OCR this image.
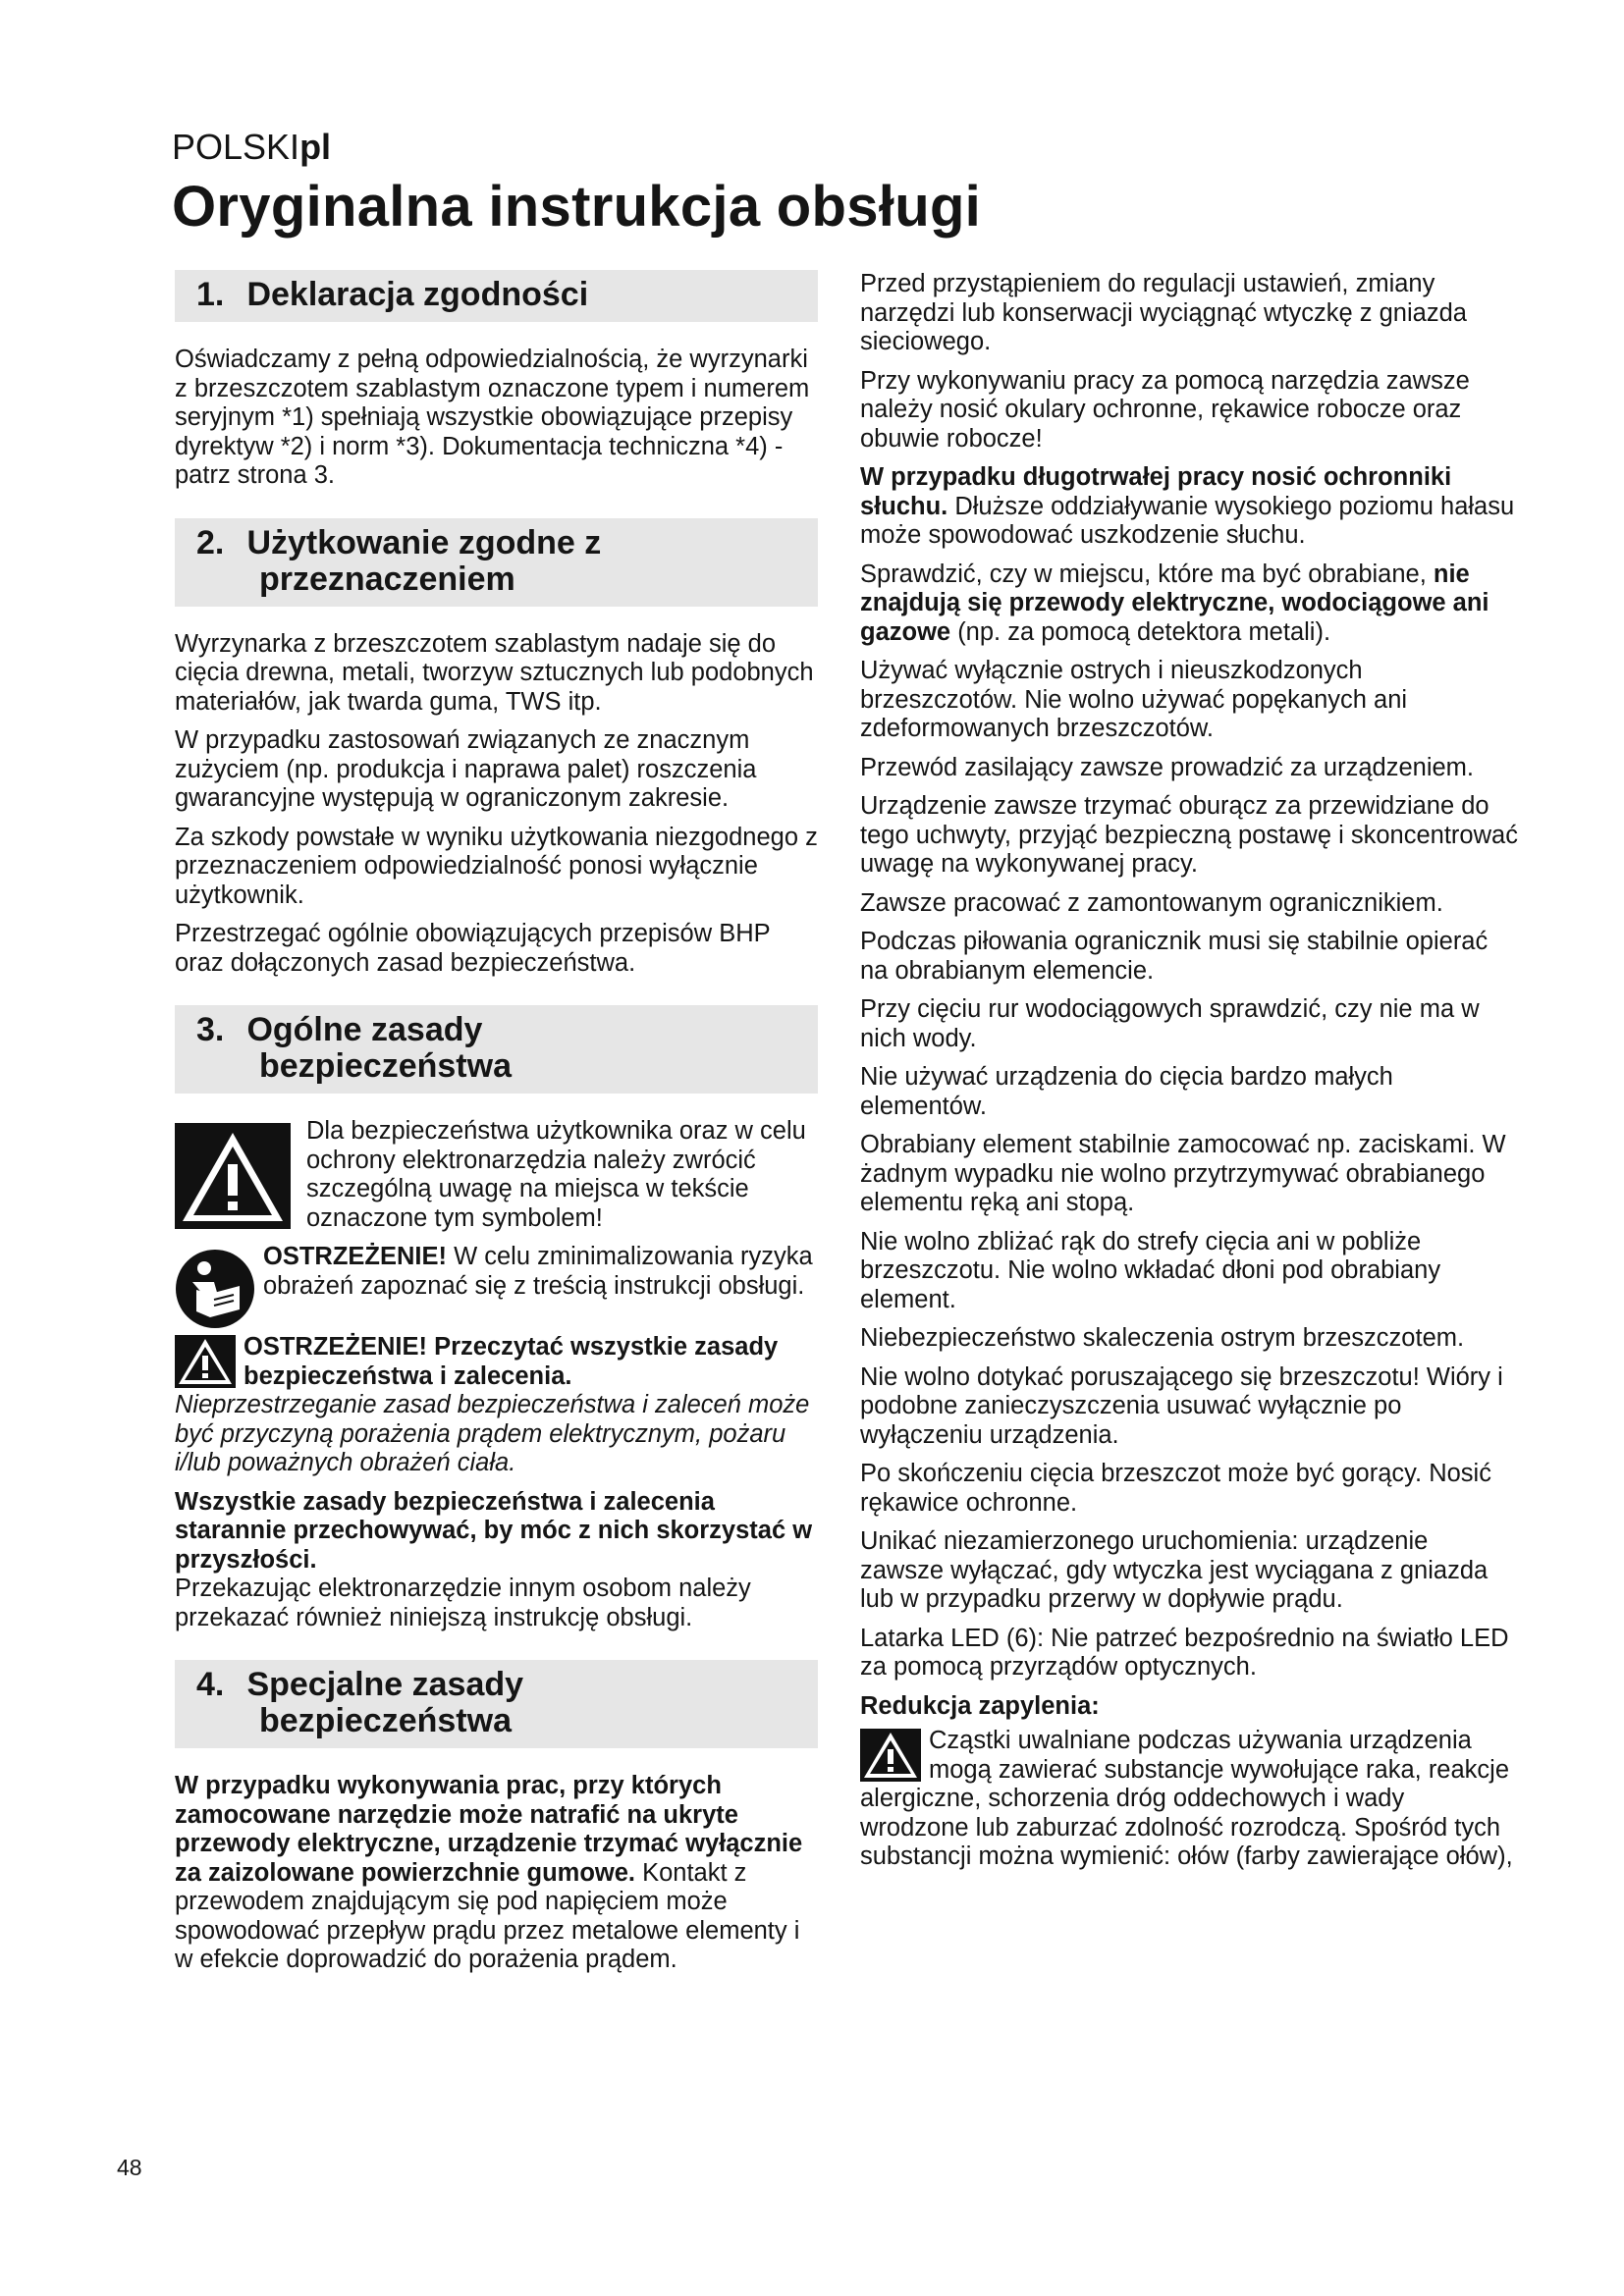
POLSKIpl
Oryginalna instrukcja obsługi
1. Deklaracja zgodności

Oświadczamy z pełną odpowiedzialnością, że wyrzynarki z brzeszczotem szablastym oznaczone typem i numerem seryjnym *1) spełniają wszystkie obowiązujące przepisy dyrektyw *2) i norm *3). Dokumentacja techniczna *4) - patrz strona 3.

2. Użytkowanie zgodne z
przeznaczeniem

Wyrzynarka z brzeszczotem szablastym nadaje się do cięcia drewna, metali, tworzyw sztucznych lub podobnych materiałów, jak twarda guma, TWS itp.

W przypadku zastosowań związanych ze znacznym zużyciem (np. produkcja i naprawa palet) roszczenia gwarancyjne występują w ograniczonym zakresie.

Za szkody powstałe w wyniku użytkowania niezgodnego z przeznaczeniem odpowiedzialność ponosi wyłącznie użytkownik.

Przestrzegać ogólnie obowiązujących przepisów BHP oraz dołączonych zasad bezpieczeństwa.

3. Ogólne zasady
bezpieczeństwa

Dla bezpieczeństwa użytkownika oraz w celu ochrony elektronarzędzia należy zwrócić szczególną uwagę na miejsca w tekście oznaczone tym symbolem!

OSTRZEŻENIE! W celu zminimalizowania ryzyka obrażeń zapoznać się z treścią instrukcji obsługi.

OSTRZEŻENIE! Przeczytać wszystkie zasady bezpieczeństwa i zalecenia.

Nieprzestrzeganie zasad bezpieczeństwa i zaleceń może być przyczyną porażenia prądem elektrycznym, pożaru i/lub poważnych obrażeń ciała.

Wszystkie zasady bezpieczeństwa i zalecenia starannie przechowywać, by móc z nich skorzystać w przyszłości.

Przekazując elektronarzędzie innym osobom należy przekazać również niniejszą instrukcję obsługi.

4. Specjalne zasady
bezpieczeństwa

W przypadku wykonywania prac, przy których zamocowane narzędzie może natrafić na ukryte przewody elektryczne, urządzenie trzymać wyłącznie za zaizolowane powierzchnie gumowe. Kontakt z przewodem znajdującym się pod napięciem może spowodować przepływ prądu przez metalowe elementy i w efekcie doprowadzić do porażenia prądem.

Przed przystąpieniem do regulacji ustawień, zmiany narzędzi lub konserwacji wyciągnąć wtyczkę z gniazda sieciowego.

Przy wykonywaniu pracy za pomocą narzędzia zawsze należy nosić okulary ochronne, rękawice robocze oraz obuwie robocze!

W przypadku długotrwałej pracy nosić ochronniki słuchu. Dłuższe oddziaływanie wysokiego poziomu hałasu może spowodować uszkodzenie słuchu.

Sprawdzić, czy w miejscu, które ma być obrabiane, nie znajdują się przewody elektryczne, wodociągowe ani gazowe (np. za pomocą detektora metali).

Używać wyłącznie ostrych i nieuszkodzonych brzeszczotów. Nie wolno używać popękanych ani zdeformowanych brzeszczotów.

Przewód zasilający zawsze prowadzić za urządzeniem.

Urządzenie zawsze trzymać oburącz za przewidziane do tego uchwyty, przyjąć bezpieczną postawę i skoncentrować uwagę na wykonywanej pracy.

Zawsze pracować z zamontowanym ogranicznikiem.

Podczas piłowania ogranicznik musi się stabilnie opierać na obrabianym elemencie.

Przy cięciu rur wodociągowych sprawdzić, czy nie ma w nich wody.

Nie używać urządzenia do cięcia bardzo małych elementów.

Obrabiany element stabilnie zamocować np. zaciskami. W żadnym wypadku nie wolno przytrzymywać obrabianego elementu ręką ani stopą.

Nie wolno zbliżać rąk do strefy cięcia ani w pobliże brzeszczotu. Nie wolno wkładać dłoni pod obrabiany element.

Niebezpieczeństwo skaleczenia ostrym brzeszczotem.

Nie wolno dotykać poruszającego się brzeszczotu! Wióry i podobne zanieczyszczenia usuwać wyłącznie po wyłączeniu urządzenia.

Po skończeniu cięcia brzeszczot może być gorący. Nosić rękawice ochronne.

Unikać niezamierzonego uruchomienia: urządzenie zawsze wyłączać, gdy wtyczka jest wyciągana z gniazda lub w przypadku przerwy w dopływie prądu.

Latarka LED (6): Nie patrzeć bezpośrednio na światło LED za pomocą przyrządów optycznych.

Redukcja zapylenia:

Cząstki uwalniane podczas używania urządzenia mogą zawierać substancje wywołujące raka, reakcje alergiczne, schorzenia dróg oddechowych i wady wrodzone lub zaburzać zdolność rozrodczą. Spośród tych substancji można wymienić: ołów (farby zawierające ołów),

48
